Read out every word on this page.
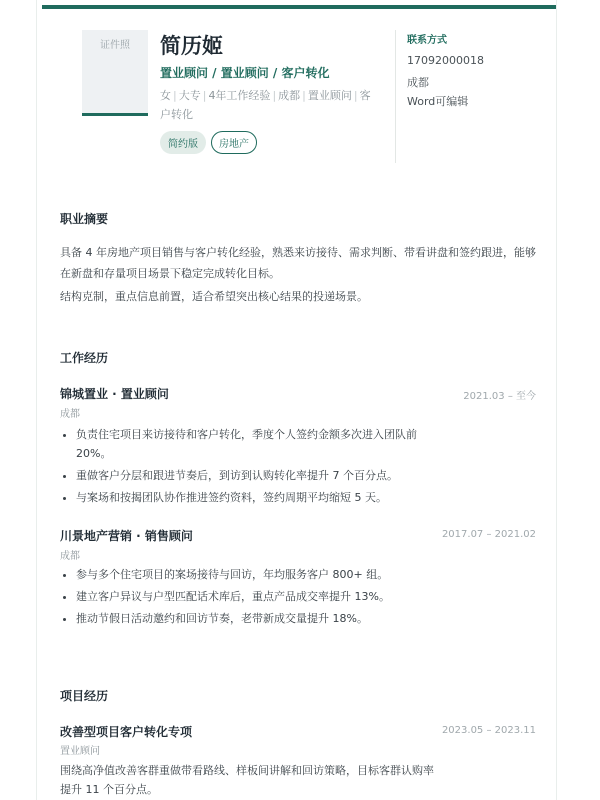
证件照	简历姬
置业顾问 / 置业顾问 / 客户转化
女 | 大专 | 4年工作经验 | 成都 | 置业顾问 | 客户转化
简约版	房地产
联系方式
17092000018
成都
Word可编辑
职业摘要
具备 4 年房地产项目销售与客户转化经验，熟悉来访接待、需求判断、带看讲盘和签约跟进，能够在新盘和存量项目场景下稳定完成转化目标。
结构克制，重点信息前置，适合希望突出核心结果的投递场景。
工作经历
锦城置业 · 置业顾问	2021.03 – 至今
成都
• 负责住宅项目来访接待和客户转化，季度个人签约金额多次进入团队前20%。
• 重做客户分层和跟进节奏后，到访到认购转化率提升 7 个百分点。
• 与案场和按揭团队协作推进签约资料，签约周期平均缩短 5 天。
川景地产营销 · 销售顾问	2017.07 – 2021.02
成都
• 参与多个住宅项目的案场接待与回访，年均服务客户 800+ 组。
• 建立客户异议与户型匹配话术库后，重点产品成交率提升 13%。
• 推动节假日活动邀约和回访节奏，老带新成交量提升 18%。
项目经历
改善型项目客户转化专项	2023.05 – 2023.11
置业顾问
围绕高净值改善客群重做带看路线、样板间讲解和回访策略，目标客群认购率提升 11 个百分点。
